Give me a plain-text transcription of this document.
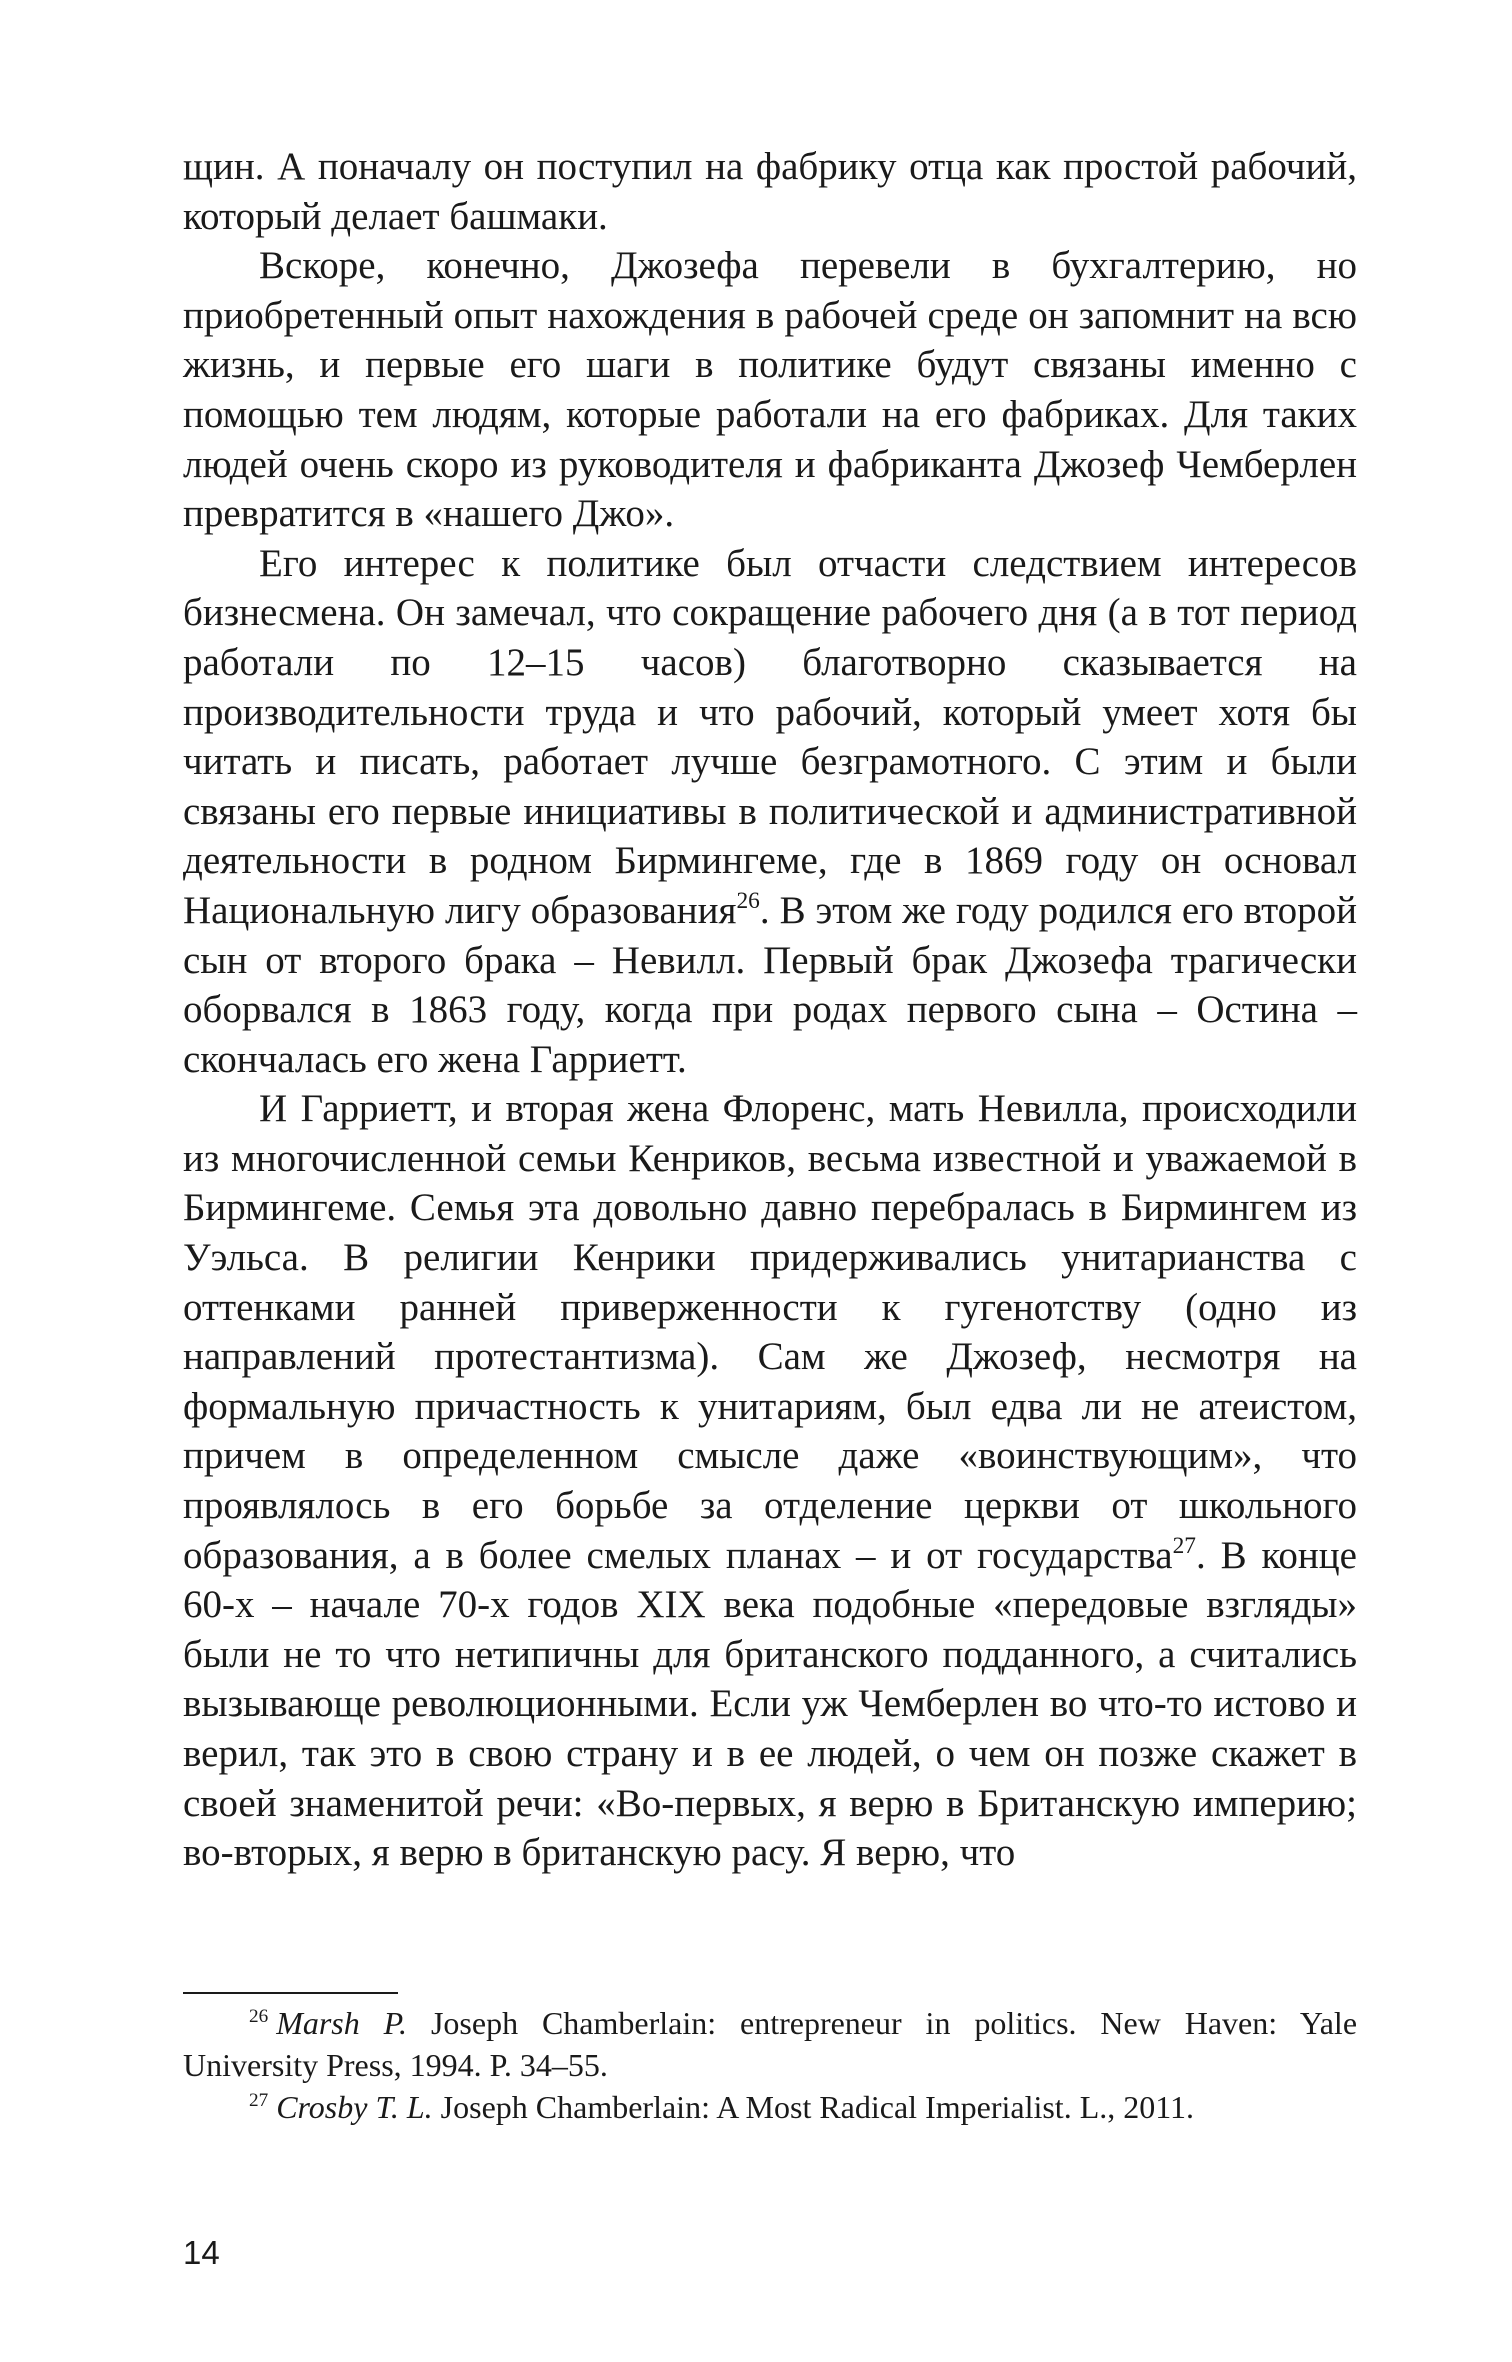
щин. А поначалу он поступил на фабрику отца как простой рабочий, который делает башмаки.

Вскоре, конечно, Джозефа перевели в бухгалтерию, но приобретенный опыт нахождения в рабочей среде он запомнит на всю жизнь, и первые его шаги в политике будут связаны именно с помощью тем людям, которые работали на его фабриках. Для таких людей очень скоро из руководителя и фабриканта Джозеф Чемберлен превратится в «нашего Джо».

Его интерес к политике был отчасти следствием интересов бизнесмена. Он замечал, что сокращение рабочего дня (а в тот период работали по 12–15 часов) благотворно сказывается на производительности труда и что рабочий, который умеет хотя бы читать и писать, работает лучше безграмотного. С этим и были связаны его первые инициативы в политической и административной деятельности в родном Бирмингеме, где в 1869 году он основал Национальную лигу образования$^{26}$. В этом же году родился его второй сын от второго брака – Невилл. Первый брак Джозефа трагически оборвался в 1863 году, когда при родах первого сына – Остина – скончалась его жена Гарриетт.

И Гарриетт, и вторая жена Флоренс, мать Невилла, происходили из многочисленной семьи Кенриков, весьма известной и уважаемой в Бирмингеме. Семья эта довольно давно перебралась в Бирмингем из Уэльса. В религии Кенрики придерживались унитарианства с оттенками ранней приверженности к гугенотству (одно из направлений протестантизма). Сам же Джозеф, несмотря на формальную причастность к унитариям, был едва ли не атеистом, причем в определенном смысле даже «воинствующим», что проявлялось в его борьбе за отделение церкви от школьного образования, а в более смелых планах – и от государства$^{27}$. В конце 60-х – начале 70-х годов XIX века подобные «передовые взгляды» были не то что нетипичны для британского подданного, а считались вызывающе революционными. Если уж Чемберлен во что-то истово и верил, так это в свою страну и в ее людей, о чем он позже скажет в своей знаменитой речи: «Во-первых, я верю в Британскую империю; во-вторых, я верю в британскую расу. Я верю, что

$^{26}$ Marsh P. Joseph Chamberlain: entrepreneur in politics. New Haven: Yale University Press, 1994. P. 34–55.

$^{27}$ Crosby T. L. Joseph Chamberlain: A Most Radical Imperialist. L., 2011.

14
